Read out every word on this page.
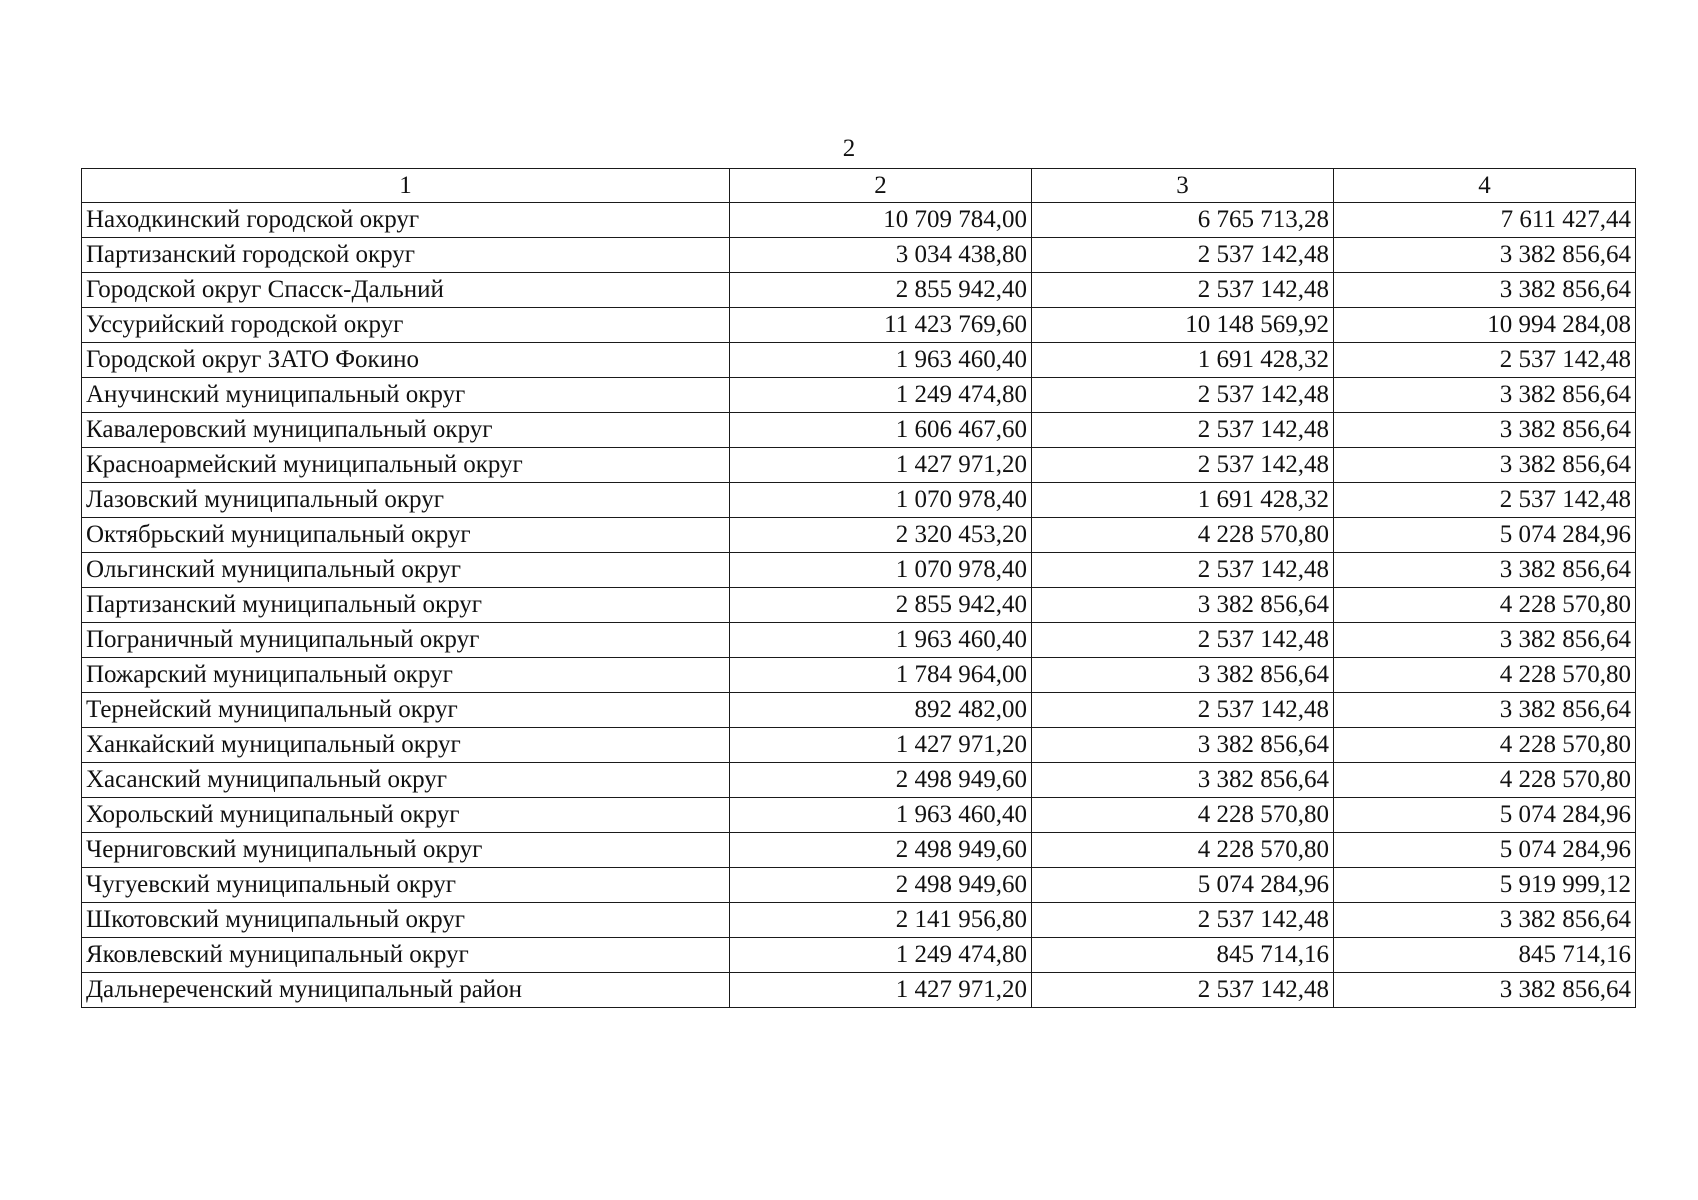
2
1	2	3	4
Находкинский городской округ	10 709 784,00	6 765 713,28	7 611 427,44
Партизанский городской округ	3 034 438,80	2 537 142,48	3 382 856,64
Городской округ Спасск-Дальний	2 855 942,40	2 537 142,48	3 382 856,64
Уссурийский городской округ	11 423 769,60	10 148 569,92	10 994 284,08
Городской округ ЗАТО Фокино	1 963 460,40	1 691 428,32	2 537 142,48
Анучинский муниципальный округ	1 249 474,80	2 537 142,48	3 382 856,64
Кавалеровский муниципальный округ	1 606 467,60	2 537 142,48	3 382 856,64
Красноармейский муниципальный округ	1 427 971,20	2 537 142,48	3 382 856,64
Лазовский муниципальный округ	1 070 978,40	1 691 428,32	2 537 142,48
Октябрьский муниципальный округ	2 320 453,20	4 228 570,80	5 074 284,96
Ольгинский муниципальный округ	1 070 978,40	2 537 142,48	3 382 856,64
Партизанский муниципальный округ	2 855 942,40	3 382 856,64	4 228 570,80
Пограничный муниципальный округ	1 963 460,40	2 537 142,48	3 382 856,64
Пожарский муниципальный округ	1 784 964,00	3 382 856,64	4 228 570,80
Тернейский муниципальный округ	892 482,00	2 537 142,48	3 382 856,64
Ханкайский муниципальный округ	1 427 971,20	3 382 856,64	4 228 570,80
Хасанский муниципальный округ	2 498 949,60	3 382 856,64	4 228 570,80
Хорольский муниципальный округ	1 963 460,40	4 228 570,80	5 074 284,96
Черниговский муниципальный округ	2 498 949,60	4 228 570,80	5 074 284,96
Чугуевский муниципальный округ	2 498 949,60	5 074 284,96	5 919 999,12
Шкотовский муниципальный округ	2 141 956,80	2 537 142,48	3 382 856,64
Яковлевский муниципальный округ	1 249 474,80	845 714,16	845 714,16
Дальнереченский муниципальный район	1 427 971,20	2 537 142,48	3 382 856,64
